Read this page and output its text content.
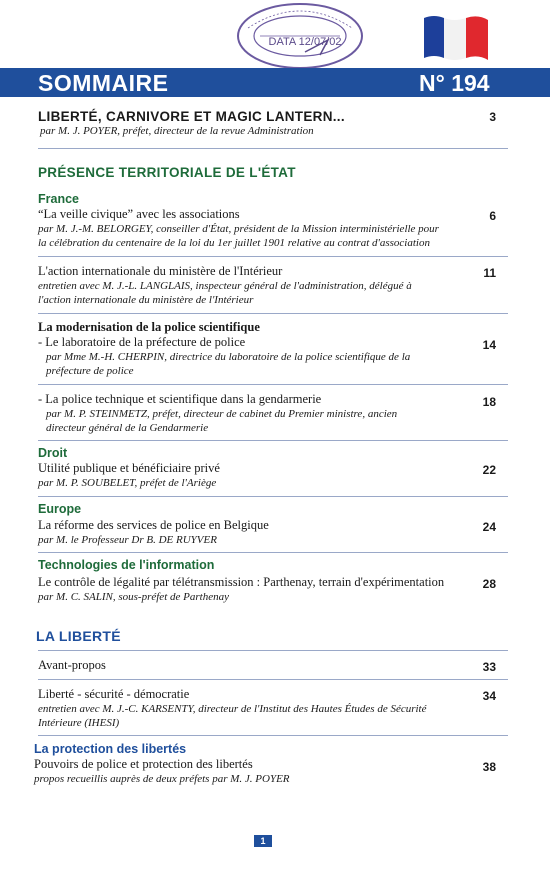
DATA 12/07/02
SOMMAIRE	N° 194
LIBERTÉ, CARNIVORE ET MAGIC LANTERN...
par M. J. POYER, préfet, directeur de la revue Administration
3
PRÉSENCE TERRITORIALE DE L'ÉTAT
France
“La veille civique” avec les associations
par M. J.-M. BELORGEY, conseiller d'État, président de la Mission interministérielle pour
la célébration du centenaire de la loi du 1er juillet 1901 relative au contrat d'association
6
L'action internationale du ministère de l'Intérieur
entretien avec M. J.-L. LANGLAIS, inspecteur général de l'administration, délégué à
l'action internationale du ministère de l'Intérieur
11
La modernisation de la police scientifique
- Le laboratoire de la préfecture de police
par Mme M.-H. CHERPIN, directrice du laboratoire de la police scientifique de la
préfecture de police
14
- La police technique et scientifique dans la gendarmerie
par M. P. STEINMETZ, préfet, directeur de cabinet du Premier ministre, ancien
directeur général de la Gendarmerie
18
Droit
Utilité publique et bénéficiaire privé
par M. P. SOUBELET, préfet de l'Ariège
22
Europe
La réforme des services de police en Belgique
par M. le Professeur Dr B. DE RUYVER
24
Technologies de l'information
Le contrôle de légalité par télétransmission : Parthenay, terrain d'expérimentation
par M. C. SALIN, sous-préfet de Parthenay
28
LA LIBERTÉ
Avant-propos	33
Liberté - sécurité - démocratie
entretien avec M. J.-C. KARSENTY, directeur de l'Institut des Hautes Études de Sécurité
Intérieure (IHESI)
34
La protection des libertés
Pouvoirs de police et protection des libertés
propos recueillis auprès de deux préfets par M. J. POYER
38
1
